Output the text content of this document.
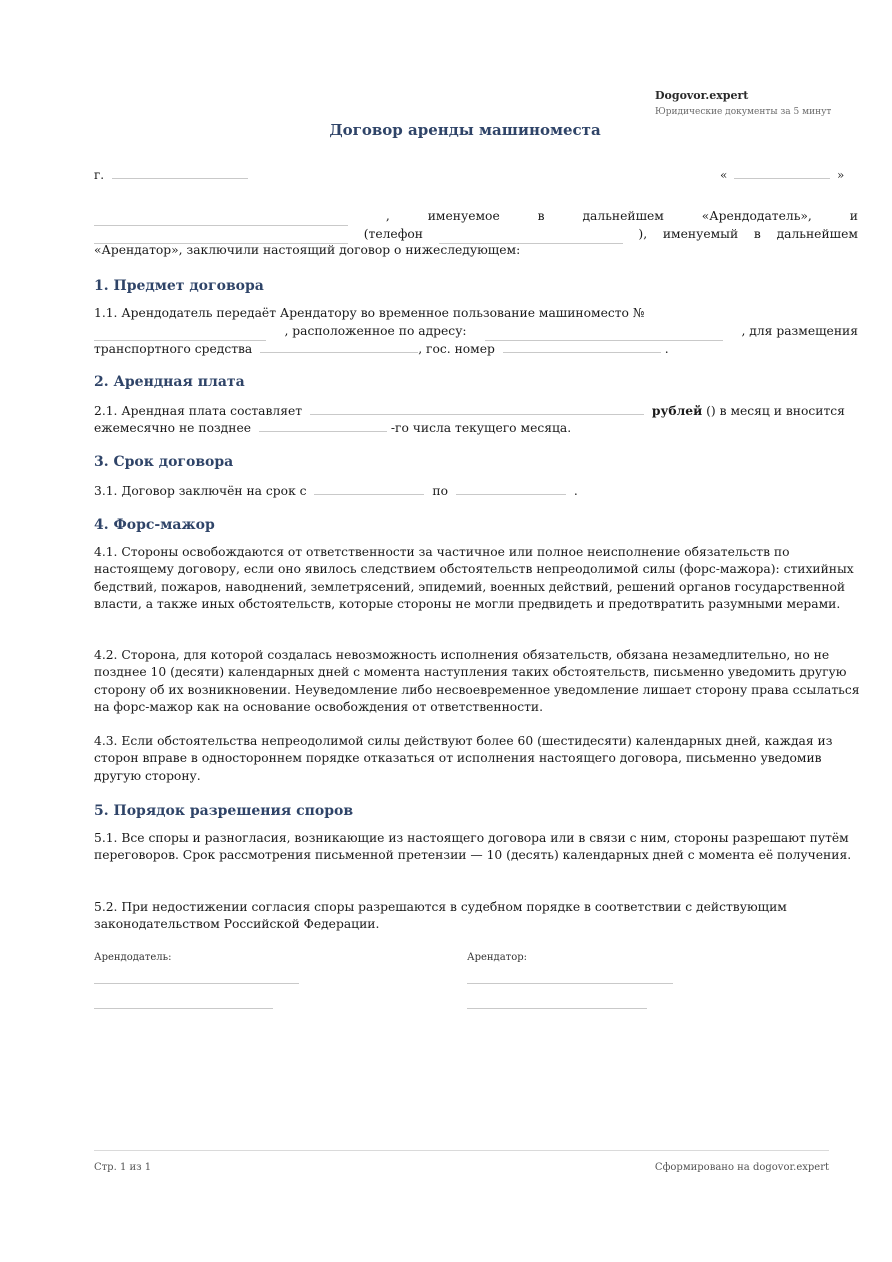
Dogovor.expert
Юридические документы за 5 минут
Договор аренды машиноместа
г.	«	»
,	именуемое	в	дальнейшем	«Арендодатель»,	и
(телефон	), именуемый в дальнейшем
«Арендатор», заключили настоящий договор о нижеследующем:
1. Предмет договора
1.1. Арендодатель передаёт Арендатору во временное пользование машиноместо №
, расположенное по адресу:	, для размещения
транспортного средства	, гос. номер	.
2. Арендная плата
2.1. Арендная плата составляет	рублей () в месяц и вносится
ежемесячно не позднее	-го числа текущего месяца.
3. Срок договора
3.1. Договор заключён на срок с	по	.
4. Форс-мажор
4.1. Стороны освобождаются от ответственности за частичное или полное неисполнение обязательств по настоящему договору, если оно явилось следствием обстоятельств непреодолимой силы (форс-мажора): стихийных бедствий, пожаров, наводнений, землетрясений, эпидемий, военных действий, решений органов государственной власти, а также иных обстоятельств, которые стороны не могли предвидеть и предотвратить разумными мерами.
4.2. Сторона, для которой создалась невозможность исполнения обязательств, обязана незамедлительно, но не позднее 10 (десяти) календарных дней с момента наступления таких обстоятельств, письменно уведомить другую сторону об их возникновении. Неуведомление либо несвоевременное уведомление лишает сторону права ссылаться на форс-мажор как на основание освобождения от ответственности.
4.3. Если обстоятельства непреодолимой силы действуют более 60 (шестидесяти) календарных дней, каждая из сторон вправе в одностороннем порядке отказаться от исполнения настоящего договора, письменно уведомив другую сторону.
5. Порядок разрешения споров
5.1. Все споры и разногласия, возникающие из настоящего договора или в связи с ним, стороны разрешают путём переговоров. Срок рассмотрения письменной претензии — 10 (десять) календарных дней с момента её получения.
5.2. При недостижении согласия споры разрешаются в судебном порядке в соответствии с действующим законодательством Российской Федерации.
Арендодатель:	Арендатор:
Стр. 1 из 1	Сформировано на dogovor.expert
